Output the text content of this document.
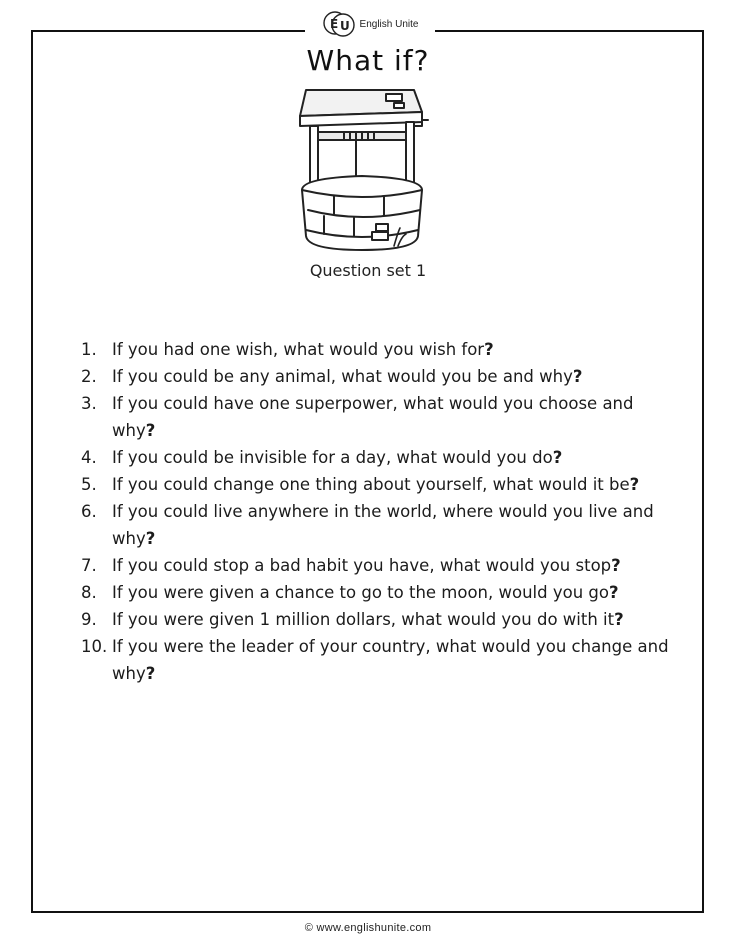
E U English Unite
What if?
Question set 1
1. If you had one wish, what would you wish for?
2. If you could be any animal, what would you be and why?
3. If you could have one superpower, what would you choose and why?
4. If you could be invisible for a day, what would you do?
5. If you could change one thing about yourself, what would it be?
6. If you could live anywhere in the world, where would you live and why?
7. If you could stop a bad habit you have, what would you stop?
8. If you were given a chance to go to the moon, would you go?
9. If you were given 1 million dollars, what would you do with it?
10. If you were the leader of your country, what would you change and why?
© www.englishunite.com
